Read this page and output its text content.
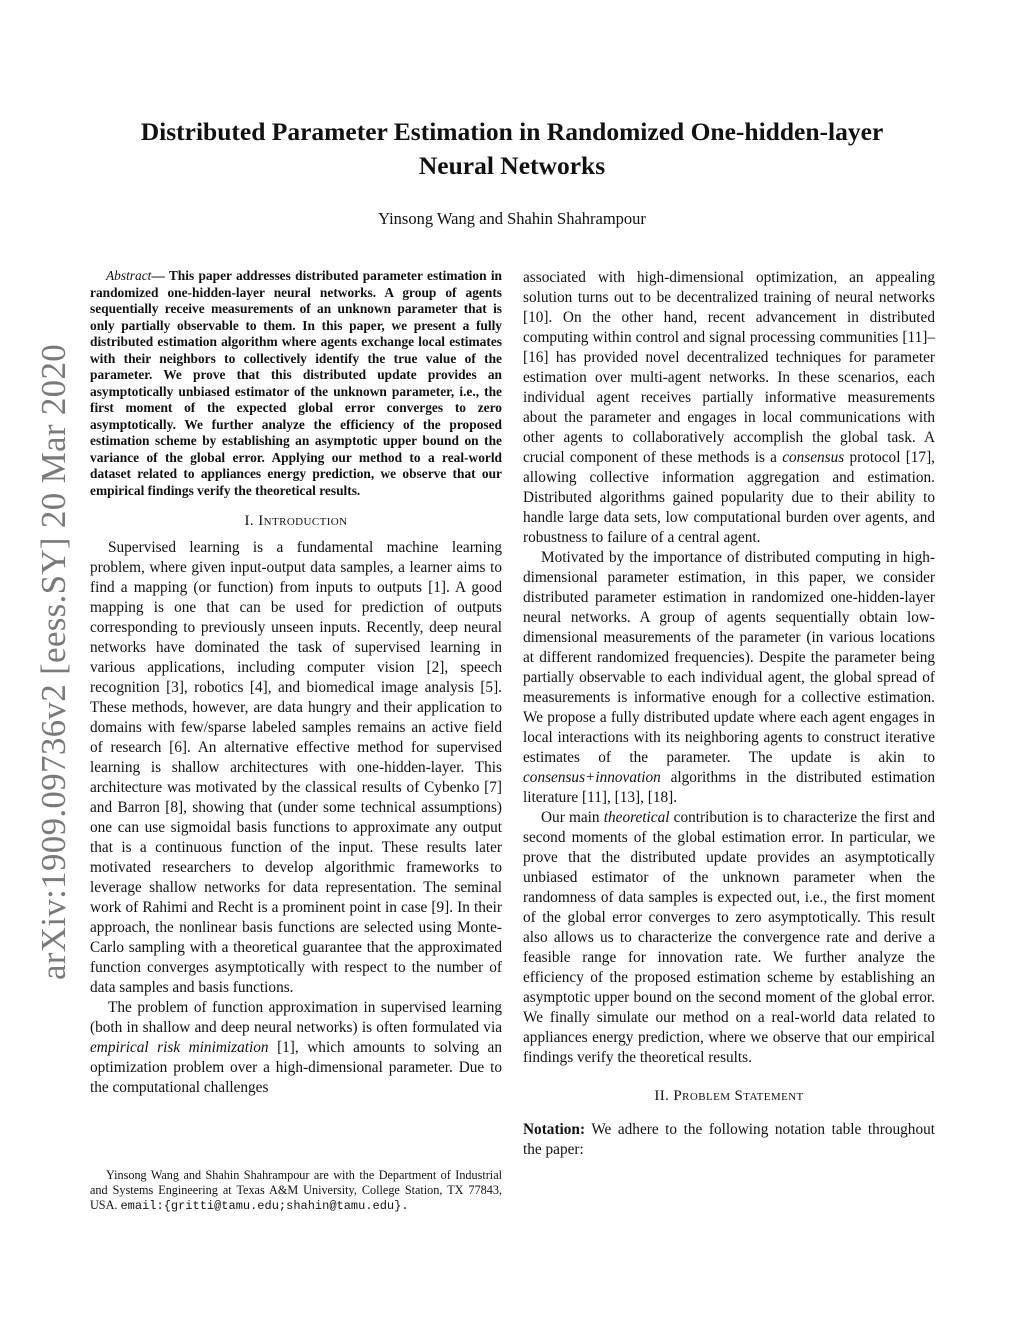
arXiv:1909.09736v2 [eess.SY] 20 Mar 2020
Distributed Parameter Estimation in Randomized One-hidden-layer Neural Networks
Yinsong Wang and Shahin Shahrampour

Abstract— This paper addresses distributed parameter estimation in randomized one-hidden-layer neural networks. A group of agents sequentially receive measurements of an unknown parameter that is only partially observable to them. In this paper, we present a fully distributed estimation algorithm where agents exchange local estimates with their neighbors to collectively identify the true value of the parameter. We prove that this distributed update provides an asymptotically unbiased estimator of the unknown parameter, i.e., the first moment of the expected global error converges to zero asymptotically. We further analyze the efficiency of the proposed estimation scheme by establishing an asymptotic upper bound on the variance of the global error. Applying our method to a real-world dataset related to appliances energy prediction, we observe that our empirical findings verify the theoretical results.

I. Introduction

Supervised learning is a fundamental machine learning problem, where given input-output data samples, a learner aims to find a mapping (or function) from inputs to outputs [1]. A good mapping is one that can be used for prediction of outputs corresponding to previously unseen inputs. Recently, deep neural networks have dominated the task of supervised learning in various applications, including computer vision [2], speech recognition [3], robotics [4], and biomedical image analysis [5]. These methods, however, are data hungry and their application to domains with few/sparse labeled samples remains an active field of research [6]. An alternative effective method for supervised learning is shallow architectures with one-hidden-layer. This architecture was motivated by the classical results of Cybenko [7] and Barron [8], showing that (under some technical assumptions) one can use sigmoidal basis functions to approximate any output that is a continuous function of the input. These results later motivated researchers to develop algorithmic frameworks to leverage shallow networks for data representation. The seminal work of Rahimi and Recht is a prominent point in case [9]. In their approach, the nonlinear basis functions are selected using Monte-Carlo sampling with a theoretical guarantee that the approximated function converges asymptotically with respect to the number of data samples and basis functions.

The problem of function approximation in supervised learning (both in shallow and deep neural networks) is often formulated via empirical risk minimization [1], which amounts to solving an optimization problem over a high-dimensional parameter. Due to the computational challenges

Yinsong Wang and Shahin Shahrampour are with the Department of Industrial and Systems Engineering at Texas A&M University, College Station, TX 77843, USA. email:{gritti@tamu.edu;shahin@tamu.edu}.

associated with high-dimensional optimization, an appealing solution turns out to be decentralized training of neural networks [10]. On the other hand, recent advancement in distributed computing within control and signal processing communities [11]–[16] has provided novel decentralized techniques for parameter estimation over multi-agent networks. In these scenarios, each individual agent receives partially informative measurements about the parameter and engages in local communications with other agents to collaboratively accomplish the global task. A crucial component of these methods is a consensus protocol [17], allowing collective information aggregation and estimation. Distributed algorithms gained popularity due to their ability to handle large data sets, low computational burden over agents, and robustness to failure of a central agent.

Motivated by the importance of distributed computing in high-dimensional parameter estimation, in this paper, we consider distributed parameter estimation in randomized one-hidden-layer neural networks. A group of agents sequentially obtain low-dimensional measurements of the parameter (in various locations at different randomized frequencies). Despite the parameter being partially observable to each individual agent, the global spread of measurements is informative enough for a collective estimation. We propose a fully distributed update where each agent engages in local interactions with its neighboring agents to construct iterative estimates of the parameter. The update is akin to consensus+innovation algorithms in the distributed estimation literature [11], [13], [18].

Our main theoretical contribution is to characterize the first and second moments of the global estimation error. In particular, we prove that the distributed update provides an asymptotically unbiased estimator of the unknown parameter when the randomness of data samples is expected out, i.e., the first moment of the global error converges to zero asymptotically. This result also allows us to characterize the convergence rate and derive a feasible range for innovation rate. We further analyze the efficiency of the proposed estimation scheme by establishing an asymptotic upper bound on the second moment of the global error. We finally simulate our method on a real-world data related to appliances energy prediction, where we observe that our empirical findings verify the theoretical results.

II. Problem Statement

Notation: We adhere to the following notation table throughout the paper:
